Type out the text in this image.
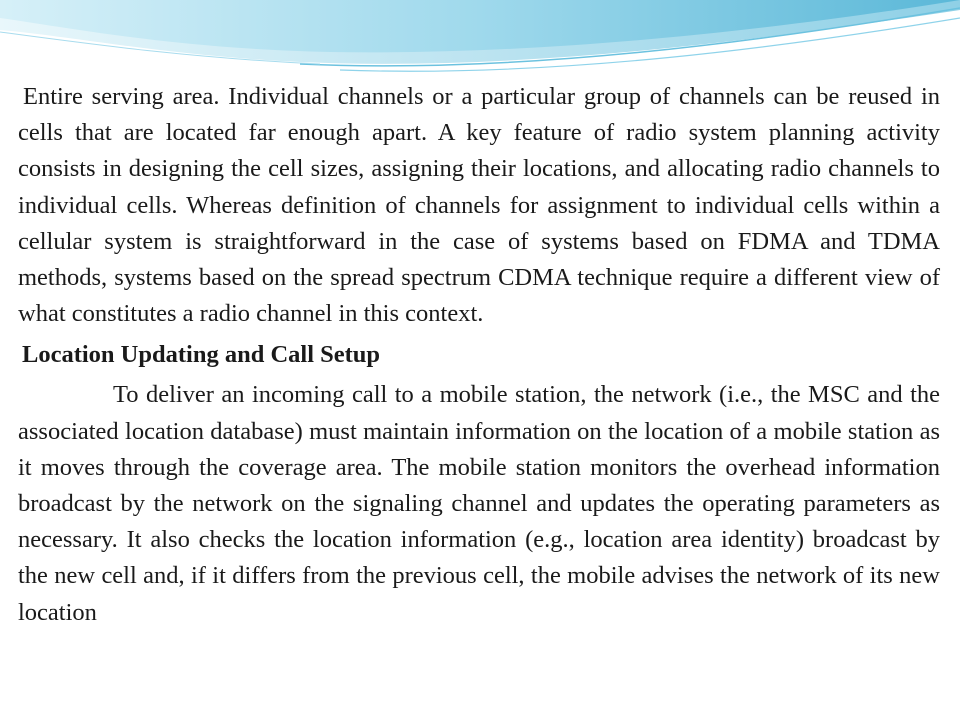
Entire serving area. Individual channels or a particular group of channels can be reused in cells that are located far enough apart. A key feature of radio system planning activity consists in designing the cell sizes, assigning their locations, and allocating radio channels to individual cells. Whereas definition of channels for assignment to individual cells within a cellular system is straightforward in the case of systems based on FDMA and TDMA methods, systems based on the spread spectrum CDMA technique require a different view of what constitutes a radio channel in this context.

Location Updating and Call Setup

To deliver an incoming call to a mobile station, the network (i.e., the MSC and the associated location database) must maintain information on the location of a mobile station as it moves through the coverage area. The mobile station monitors the overhead information broadcast by the network on the signaling channel and updates the operating parameters as necessary. It also checks the location information (e.g., location area identity) broadcast by the new cell and, if it differs from the previous cell, the mobile advises the network of its new location
